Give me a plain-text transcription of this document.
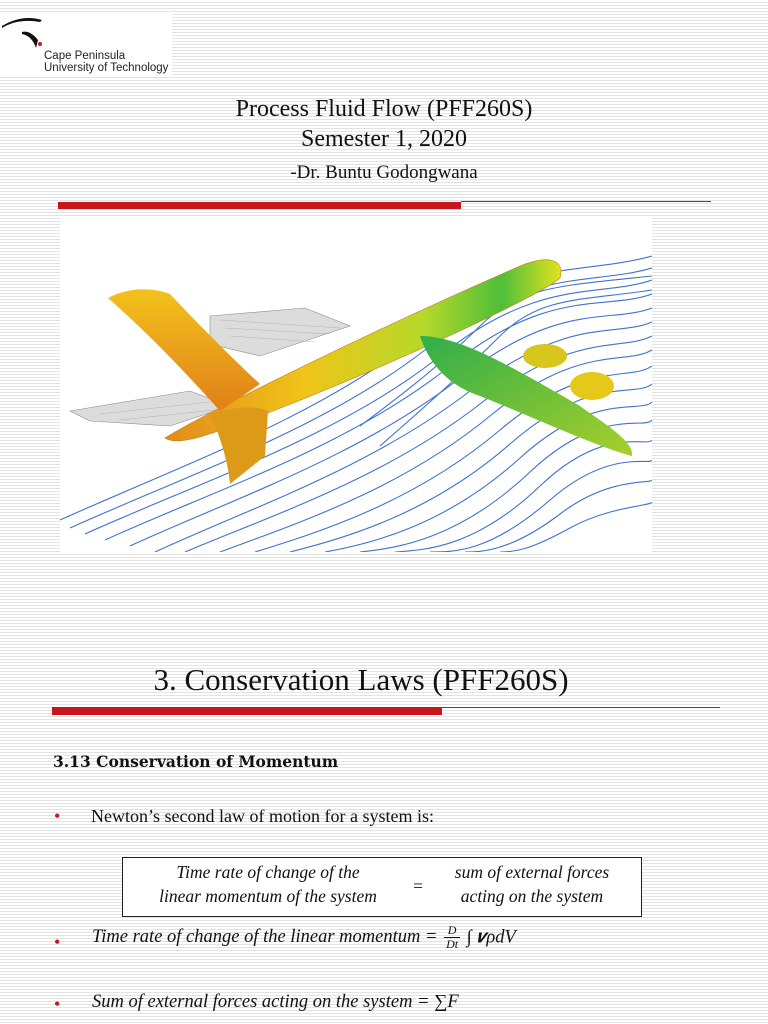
Cape Peninsula
University of Technology
Process Fluid Flow (PFF260S)
Semester 1, 2020
-Dr. Buntu Godongwana
3. Conservation Laws (PFF260S)
3.13 Conservation of Momentum
• Newton’s second law of motion for a system is:
Time rate of change of the
linear momentum of the system	=
sum of external forces
acting on the system
• Time rate of change of the linear momentum = $\frac{D}{Dt}$ ∫ 𝒗ρdV
• Sum of external forces acting on the system = ∑F
